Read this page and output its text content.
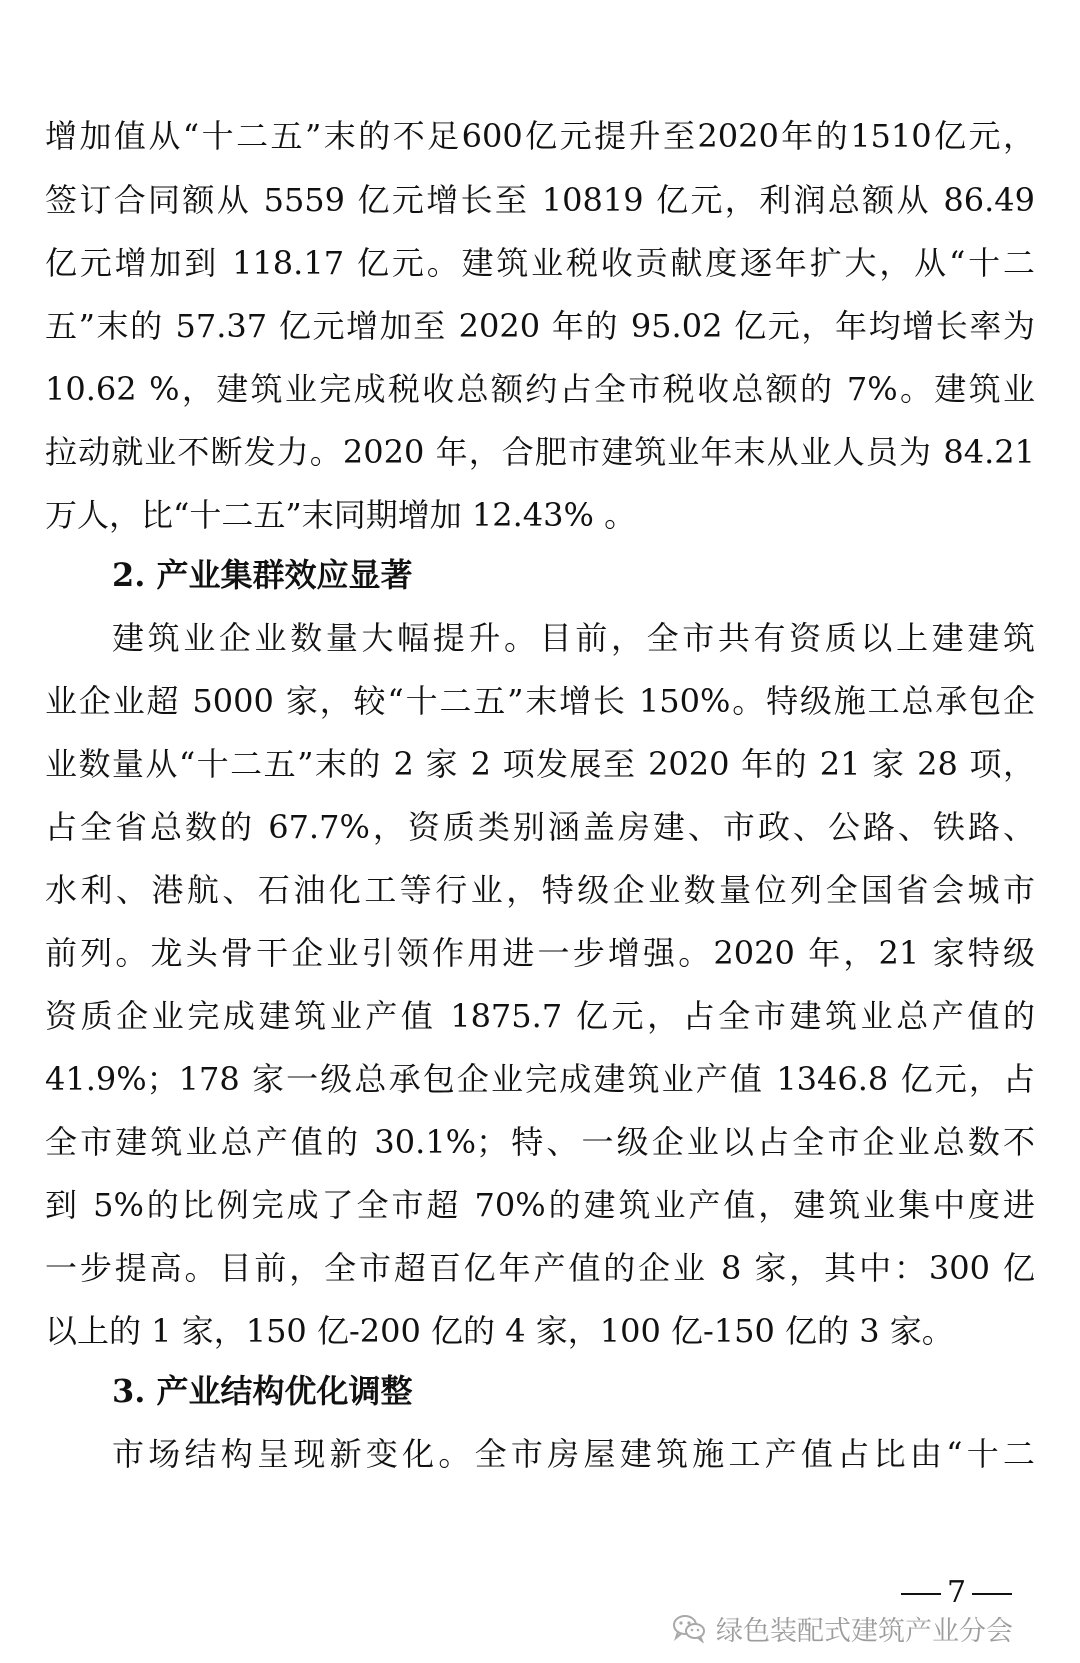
增加值从“十二五”末的不足600亿元提升至2020年的1510亿元，
签订合同额从 5559 亿元增长至 10819 亿元，利润总额从 86.49
亿元增加到 118.17 亿元。建筑业税收贡献度逐年扩大，从“十二
五”末的 57.37 亿元增加至 2020 年的 95.02 亿元，年均增长率为
10.62 %，建筑业完成税收总额约占全市税收总额的 7%。建筑业
拉动就业不断发力。2020 年，合肥市建筑业年末从业人员为 84.21
万人，比“十二五”末同期增加 12.43% 。
2. 产业集群效应显著
建筑业企业数量大幅提升。目前，全市共有资质以上建建筑
业企业超 5000 家，较“十二五”末增长 150%。特级施工总承包企
业数量从“十二五”末的 2 家 2 项发展至 2020 年的 21 家 28 项，
占全省总数的 67.7%，资质类别涵盖房建、市政、公路、铁路、
水利、港航、石油化工等行业，特级企业数量位列全国省会城市
前列。龙头骨干企业引领作用进一步增强。2020 年，21 家特级
资质企业完成建筑业产值 1875.7 亿元，占全市建筑业总产值的
41.9%；178 家一级总承包企业完成建筑业产值 1346.8 亿元，占
全市建筑业总产值的 30.1%；特、一级企业以占全市企业总数不
到 5%的比例完成了全市超 70%的建筑业产值，建筑业集中度进
一步提高。目前，全市超百亿年产值的企业 8 家，其中：300 亿
以上的 1 家，150 亿-200 亿的 4 家，100 亿-150 亿的 3 家。
3. 产业结构优化调整
市场结构呈现新变化。全市房屋建筑施工产值占比由“十二
7
绿色装配式建筑产业分会
